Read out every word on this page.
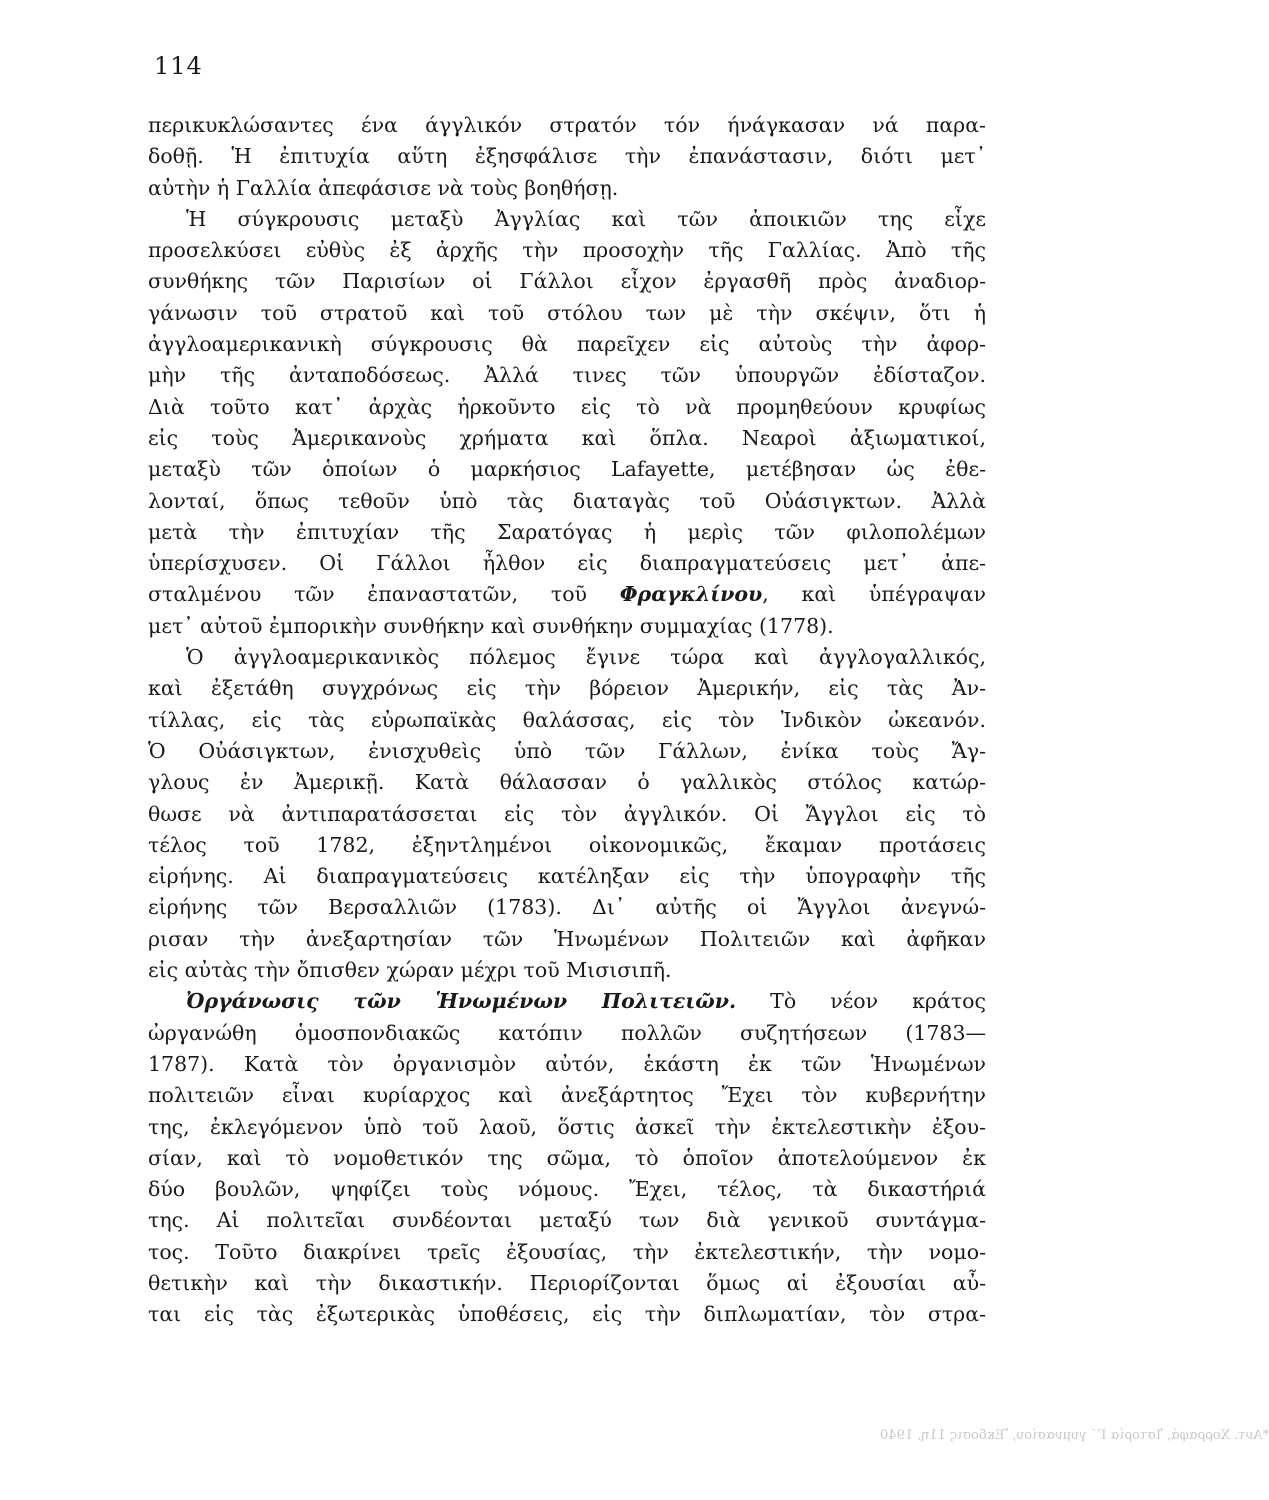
114
περικυκλώσαντες ένα άγγλικόν στρατόν τόν ήνάγκασαν νά παρα-
δοθῇ. Ἡ ἐπιτυχία αὕτη ἐξησφάλισε τὴν ἐπανάστασιν, διότι μετ᾽
αὐτὴν ἡ Γαλλία ἀπεφάσισε νὰ τοὺς βοηθήσῃ.
Ἡ σύγκρουσις μεταξὺ Ἀγγλίας καὶ τῶν ἀποικιῶν της εἶχε
προσελκύσει εὐθὺς ἐξ ἀρχῆς τὴν προσοχὴν τῆς Γαλλίας. Ἀπὸ τῆς
συνθήκης τῶν Παρισίων οἱ Γάλλοι εἶχον ἐργασθῆ πρὸς ἀναδιορ-
γάνωσιν τοῦ στρατοῦ καὶ τοῦ στόλου των μὲ τὴν σκέψιν, ὅτι ἡ
ἀγγλοαμερικανικὴ σύγκρουσις θὰ παρεῖχεν εἰς αὐτοὺς τὴν ἀφορ-
μὴν τῆς ἀνταποδόσεως. Ἀλλά τινες τῶν ὑπουργῶν ἐδίσταζον.
Διὰ τοῦτο κατ᾽ ἀρχὰς ἠρκοῦντο εἰς τὸ νὰ προμηθεύουν κρυφίως
εἰς τοὺς Ἀμερικανοὺς χρήματα καὶ ὅπλα. Νεαροὶ ἀξιωματικοί,
μεταξὺ τῶν ὁποίων ὁ μαρκήσιος Lafayette, μετέβησαν ὡς ἐθε-
λονταί, ὅπως τεθοῦν ὑπὸ τὰς διαταγὰς τοῦ Οὐάσιγκτων. Ἀλλὰ
μετὰ τὴν ἐπιτυχίαν τῆς Σαρατόγας ἡ μερὶς τῶν φιλοπολέμων
ὑπερίσχυσεν. Οἱ Γάλλοι ἦλθον εἰς διαπραγματεύσεις μετ᾽ ἀπε-
σταλμένου τῶν ἐπαναστατῶν, τοῦ Φραγκλίνου, καὶ ὑπέγραψαν
μετ᾽ αὐτοῦ ἐμπορικὴν συνθήκην καὶ συνθήκην συμμαχίας (1778).
Ὁ ἀγγλοαμερικανικὸς πόλεμος ἔγινε τώρα καὶ ἀγγλογαλλικός,
καὶ ἐξετάθη συγχρόνως εἰς τὴν βόρειον Ἀμερικήν, εἰς τὰς Ἀν-
τίλλας, εἰς τὰς εὐρωπαϊκὰς θαλάσσας, εἰς τὸν Ἰνδικὸν ὠκεανόν.
Ὁ Οὐάσιγκτων, ἐνισχυθεὶς ὑπὸ τῶν Γάλλων, ἐνίκα τοὺς Ἄγ-
γλους ἐν Ἀμερικῇ. Κατὰ θάλασσαν ὁ γαλλικὸς στόλος κατώρ-
θωσε νὰ ἀντιπαρατάσσεται εἰς τὸν ἀγγλικόν. Οἱ Ἄγγλοι εἰς τὸ
τέλος τοῦ 1782, ἐξηντλημένοι οἰκονομικῶς, ἔκαμαν προτάσεις
εἰρήνης. Αἱ διαπραγματεύσεις κατέληξαν εἰς τὴν ὑπογραφὴν τῆς
εἰρήνης τῶν Βερσαλλιῶν (1783). Δι᾽ αὐτῆς οἱ Ἄγγλοι ἀνεγνώ-
ρισαν τὴν ἀνεξαρτησίαν τῶν Ἡνωμένων Πολιτειῶν καὶ ἀφῆκαν
εἰς αὐτὰς τὴν ὄπισθεν χώραν μέχρι τοῦ Μισισιπῆ.
Ὀργάνωσις τῶν Ἡνωμένων Πολιτειῶν. Τὸ νέον κράτος
ὠργανώθη ὁμοσπονδιακῶς κατόπιν πολλῶν συζητήσεων (1783—
1787). Κατὰ τὸν ὀργανισμὸν αὐτόν, ἑκάστη ἐκ τῶν Ἡνωμένων
πολιτειῶν εἶναι κυρίαρχος καὶ ἀνεξάρτητος Ἔχει τὸν κυβερνήτην
της, ἐκλεγόμενον ὑπὸ τοῦ λαοῦ, ὅστις ἀσκεῖ τὴν ἐκτελεστικὴν ἐξου-
σίαν, καὶ τὸ νομοθετικόν της σῶμα, τὸ ὁποῖον ἀποτελούμενον ἐκ
δύο βουλῶν, ψηφίζει τοὺς νόμους. Ἔχει, τέλος, τὰ δικαστήριά
της. Αἱ πολιτεῖαι συνδέονται μεταξύ των διὰ γενικοῦ συντάγμα-
τος. Τοῦτο διακρίνει τρεῖς ἐξουσίας, τὴν ἐκτελεστικήν, τὴν νομο-
θετικὴν καὶ τὴν δικαστικήν. Περιορίζονται ὅμως αἱ ἐξουσίαι αὖ-
ται εἰς τὰς ἐξωτερικὰς ὑποθέσεις, εἰς τὴν διπλωματίαν, τὸν στρα-
*Αντ. Χορραφά, Ἱστορία Γ΄ γυμνασίου, Ἔκδοσις 11η, 1940
